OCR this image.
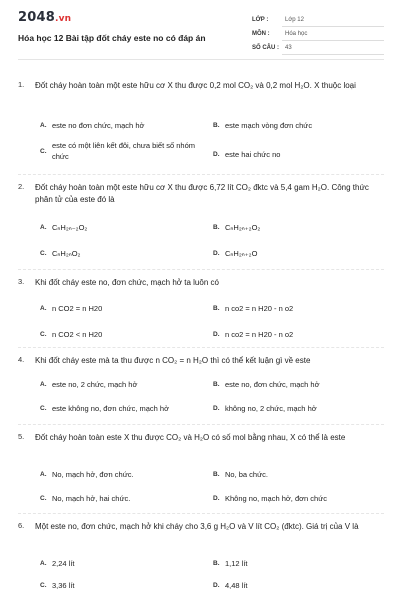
2048.vn
Hóa học 12 Bài tập đốt cháy este no có đáp án
LỚP :	Lớp 12
MÔN :	Hóa học
SỐ CÂU : 43
1. Đốt cháy hoàn toàn một este hữu cơ X thu được 0,2 mol CO₂ và 0,2 mol H₂O. X thuộc loại
A. este no đơn chức, mạch hở	B. este mạch vòng đơn chức
C.
este có một liên kết đôi, chưa biết số nhóm chức	D. este hai chức no
2. Đốt cháy hoàn toàn một este hữu cơ X thu được 6,72 lít CO₂ đktc và 5,4 gam H₂O. Công thức phân tử của este đó là
A. CₙH₂ₙ₋₂O₂	B. CₙH₂ₙ₊₂O₂
C. CₙH₂ₙO₂	D. CₙH₂ₙ₊₂O
3. Khi đốt cháy este no, đơn chức, mạch hở ta luôn có
A. n CO2 = n H20	B. n co2 = n H20 - n o2
C. n CO2 < n H20	D. n co2 = n H20 - n o2
4. Khi đốt cháy este mà ta thu được n CO₂ = n H₂O thì có thể kết luận gì về este
A. este no, 2 chức, mạch hở	B. este no, đơn chức, mạch hở
C. este không no, đơn chức, mạch hở	D. không no, 2 chức, mạch hở
5. Đốt cháy hoàn toàn este X thu được CO₂ và H₂O có số mol bằng nhau, X có thể là este
A. No, mạch hở, đơn chức.	B. No, ba chức.
C. No, mạch hở, hai chức.	D. Không no, mạch hở, đơn chức
6. Một este no, đơn chức, mạch hở khi cháy cho 3,6 g H₂O và V lít CO₂ (đktc). Giá trị của V là
A. 2,24 lít	B. 1,12 lít
C. 3,36 lít	D. 4,48 lít
